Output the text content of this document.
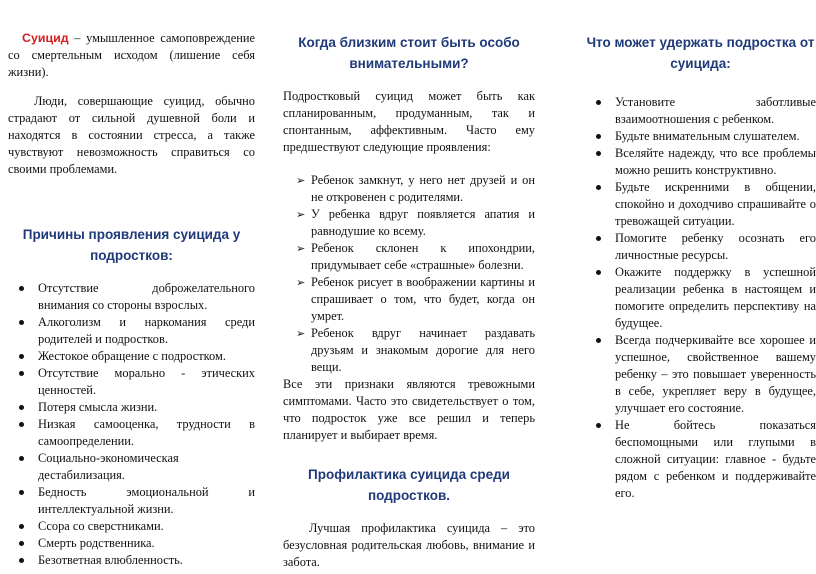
Суицид – умышленное самоповреждение со смертельным исходом (лишение себя жизни).

Люди, совершающие суицид, обычно страдают от сильной душевной боли и находятся в состоянии стресса, а также чувствуют невозможность справиться со своими проблемами.

Причины проявления суицида у подростков:
Отсутствие доброжелательного внимания со стороны взрослых.
Алкоголизм и наркомания среди родителей и подростков.
Жестокое обращение с подростком.
Отсутствие морально - этических ценностей.
Потеря смысла жизни.
Низкая самооценка, трудности в самоопределении.
Социально-экономическая дестабилизация.
Бедность эмоциональной и интеллектуальной жизни.
Ссора со сверстниками.
Смерть родственника.
Безответная влюбленность.
Когда близким стоит быть особо внимательными?

Подростковый суицид может быть как спланированным, продуманным, так и спонтанным, аффективным. Часто ему предшествуют следующие проявления:

➢ Ребенок замкнут, у него нет друзей и он не откровенен с родителями.
➢ У ребенка вдруг появляется апатия и равнодушие ко всему.
➢ Ребенок склонен к ипохондрии, придумывает себе «страшные» болезни.
➢ Ребенок рисует в воображении картины и спрашивает о том, что будет, когда он умрет.
➢ Ребенок вдруг начинает раздавать друзьям и знакомым дорогие для него вещи.

Все эти признаки являются тревожными симптомами. Часто это свидетельствует о том, что подросток уже все решил и теперь планирует и выбирает время.

Профилактика суицида среди подростков.

Лучшая профилактика суицида – это безусловная родительская любовь, внимание и забота.

Что может удержать подростка от суицида:
Установите заботливые взаимоотношения с ребенком.
Будьте внимательным слушателем.
Вселяйте надежду, что все проблемы можно решить конструктивно.
Будьте искренними в общении, спокойно и доходчиво спрашивайте о тревожащей ситуации.
Помогите ребенку осознать его личностные ресурсы.
Окажите поддержку в успешной реализации ребенка в настоящем и помогите определить перспективу на будущее.
Всегда подчеркивайте все хорошее и успешное, свойственное вашему ребенку – это повышает уверенность в себе, укрепляет веру в будущее, улучшает его состояние.
Не бойтесь показаться беспомощными или глупыми в сложной ситуации: главное - будьте рядом с ребенком и поддерживайте его.
